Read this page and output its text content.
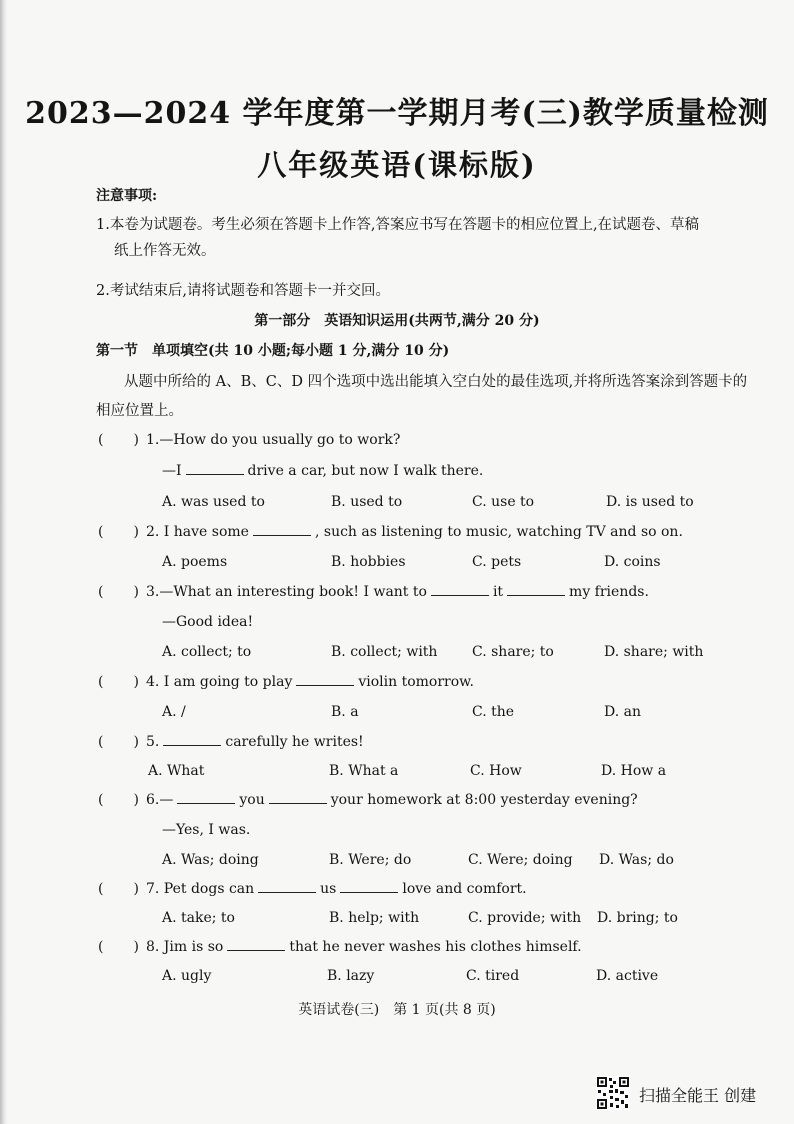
2023—2024 学年度第一学期月考(三)教学质量检测
八年级英语(课标版)
注意事项:
1.本卷为试题卷。考生必须在答题卡上作答,答案应书写在答题卡的相应位置上,在试题卷、草稿
纸上作答无效。
2.考试结束后,请将试题卷和答题卡一并交回。
第一部分　英语知识运用(共两节,满分 20 分)
第一节　单项填空(共 10 小题;每小题 1 分,满分 10 分)
从题中所给的 A、B、C、D 四个选项中选出能填入空白处的最佳选项,并将所选答案涂到答题卡的相应位置上。
( ) 1.—How do you usually go to work?
—I	drive a car, but now I walk there.
A. was used to	B. used to	C. use to	D. is used to
( ) 2. I have some	, such as listening to music, watching TV and so on.
A. poems	B. hobbies	C. pets	D. coins
( ) 3.—What an interesting book! I want to	it	my friends.
—Good idea!
A. collect; to	B. collect; with C. share; to	D. share; with
( ) 4. I am going to play	violin tomorrow.
A. /	B. a	C. the	D. an
( ) 5.	carefully he writes!
A. What	B. What a	C. How	D. How a
( ) 6.—	you	your homework at 8:00 yesterday evening?
—Yes, I was.
A. Was; doing	B. Were; do	C. Were; doing D. Was; do
( ) 7. Pet dogs can	us	love and comfort.
A. take; to	B. help; with	C. provide; with D. bring; to
( ) 8. Jim is so	that he never washes his clothes himself.
A. ugly	B. lazy	C. tired	D. active
英语试卷(三)　第 1 页(共 8 页)
扫描全能王 创建
